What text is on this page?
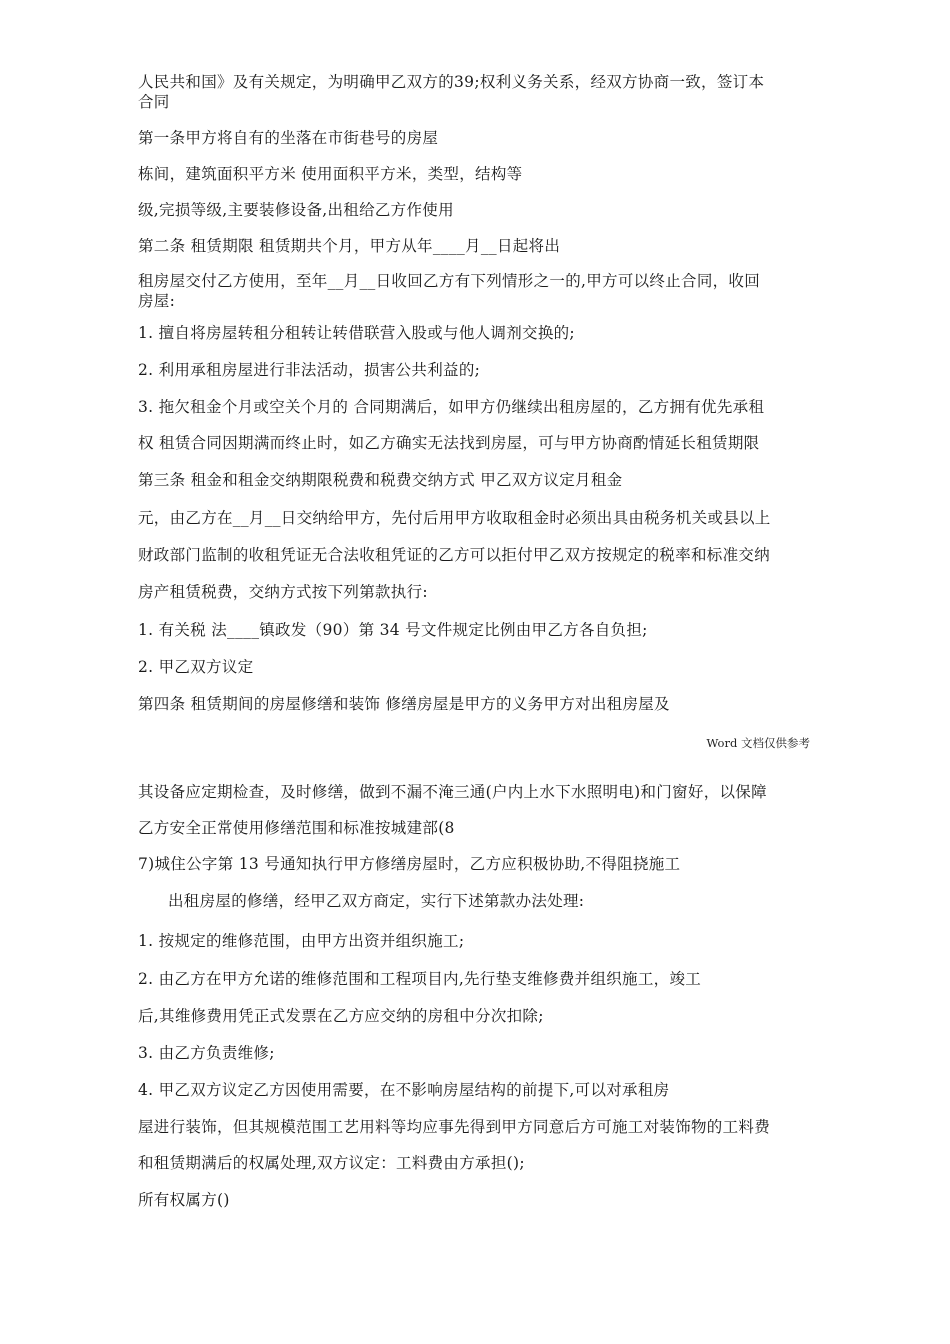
人民共和国》及有关规定，为明确甲乙双方的39;权利义务关系，经双方协商一致，签订本
合同
第一条甲方将自有的坐落在市街巷号的房屋
栋间，建筑面积平方米 使用面积平方米，类型，结构等
级,完损等级,主要装修设备,出租给乙方作使用
第二条 租赁期限 租赁期共个月，甲方从年____月__日起将出
租房屋交付乙方使用，至年__月__日收回乙方有下列情形之一的,甲方可以终止合同，收回
房屋:
1. 擅自将房屋转租分租转让转借联营入股或与他人调剂交换的;
2. 利用承租房屋进行非法活动，损害公共利益的;
3. 拖欠租金个月或空关个月的 合同期满后，如甲方仍继续出租房屋的，乙方拥有优先承租
权 租赁合同因期满而终止时，如乙方确实无法找到房屋，可与甲方协商酌情延长租赁期限
第三条 租金和租金交纳期限税费和税费交纳方式 甲乙双方议定月租金
元，由乙方在__月__日交纳给甲方，先付后用甲方收取租金时必须出具由税务机关或县以上
财政部门监制的收租凭证无合法收租凭证的乙方可以拒付甲乙双方按规定的税率和标准交纳
房产租赁税费，交纳方式按下列第款执行:
1. 有关税 法____镇政发（90）第 34 号文件规定比例由甲乙方各自负担;
2. 甲乙双方议定
第四条 租赁期间的房屋修缮和装饰 修缮房屋是甲方的义务甲方对出租房屋及
Word 文档仅供参考
其设备应定期检查，及时修缮，做到不漏不淹三通(户内上水下水照明电)和门窗好，以保障
乙方安全正常使用修缮范围和标准按城建部(8
7)城住公字第 13 号通知执行甲方修缮房屋时，乙方应积极协助,不得阻挠施工
出租房屋的修缮，经甲乙双方商定，实行下述第款办法处理:
1. 按规定的维修范围，由甲方出资并组织施工;
2. 由乙方在甲方允诺的维修范围和工程项目内,先行垫支维修费并组织施工，竣工
后,其维修费用凭正式发票在乙方应交纳的房租中分次扣除;
3. 由乙方负责维修;
4. 甲乙双方议定乙方因使用需要，在不影响房屋结构的前提下,可以对承租房
屋进行装饰，但其规模范围工艺用料等均应事先得到甲方同意后方可施工对装饰物的工料费
和租赁期满后的权属处理,双方议定：工料费由方承担();
所有权属方()
